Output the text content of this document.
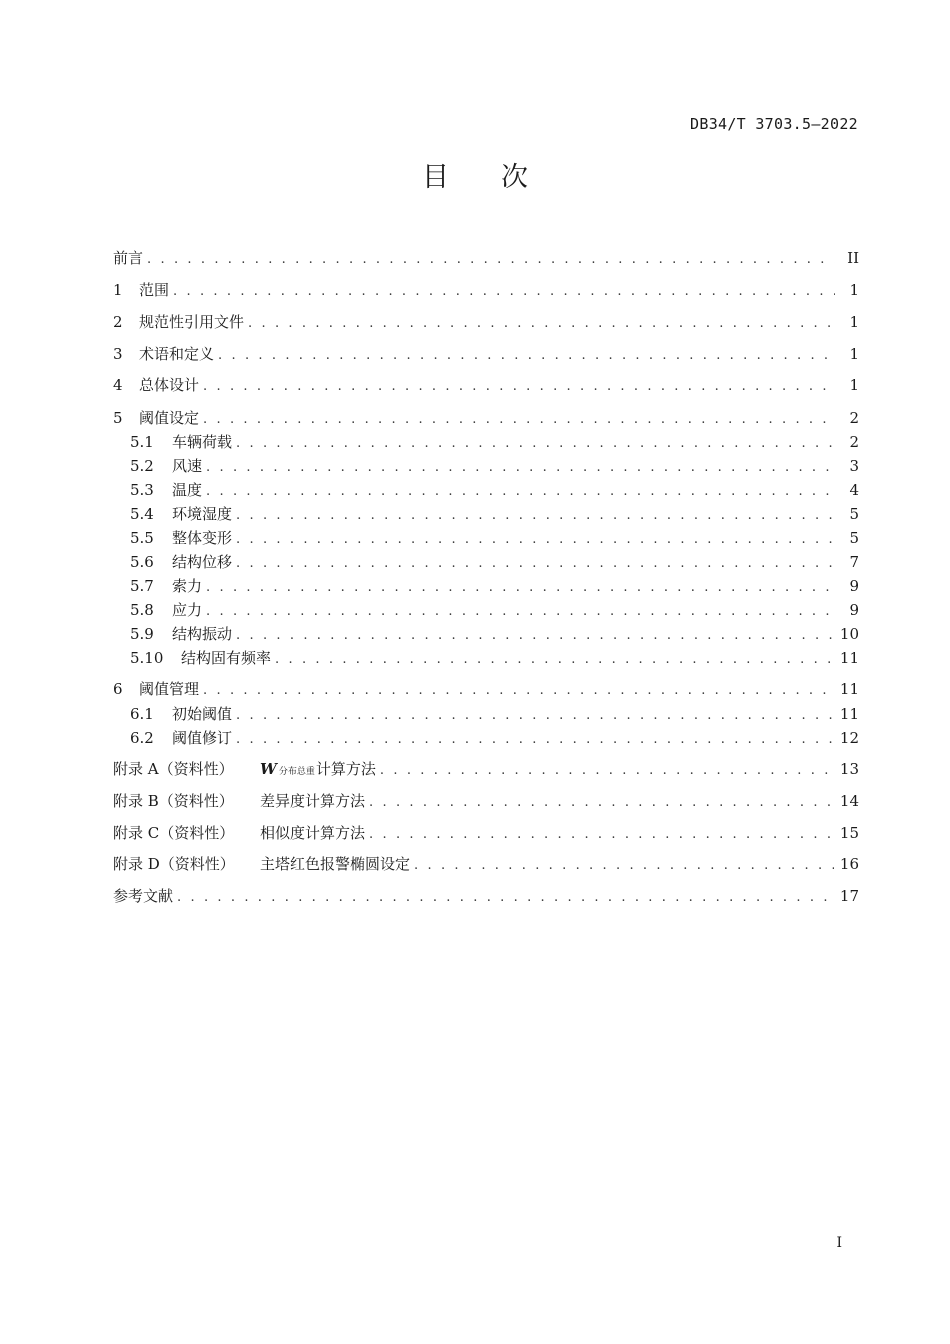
DB34/T 3703.5—2022
目 次
前言 . . .	II
1	范围 . . .	1
2	规范性引用文件 . . .	1
3	术语和定义 . . .	1
4	总体设计 . . .	1
5	阈值设定 . . .	2
5.1	车辆荷载 . . .	2
5.2	风速 . . .	3
5.3	温度 . . .	4
5.4	环境湿度 . . .	5
5.5	整体变形 . . .	5
5.6	结构位移 . . .	7
5.7	索力 . . .	9
5.8	应力 . . .	9
5.9	结构振动 . . .	10
5.10	结构固有频率 . . .	11
6	阈值管理 . . .	11
6.1	初始阈值 . . .	11
6.2	阈值修订 . . .	12
附录 A（资料性）	W 分布总重 计算方法 . . .	13
附录 B（资料性）	差异度计算方法 . . .	14
附录 C（资料性）	相似度计算方法 . . .	15
附录 D（资料性）	主塔红色报警椭圆设定 . . .	16
参考文献 . . .	17
I
